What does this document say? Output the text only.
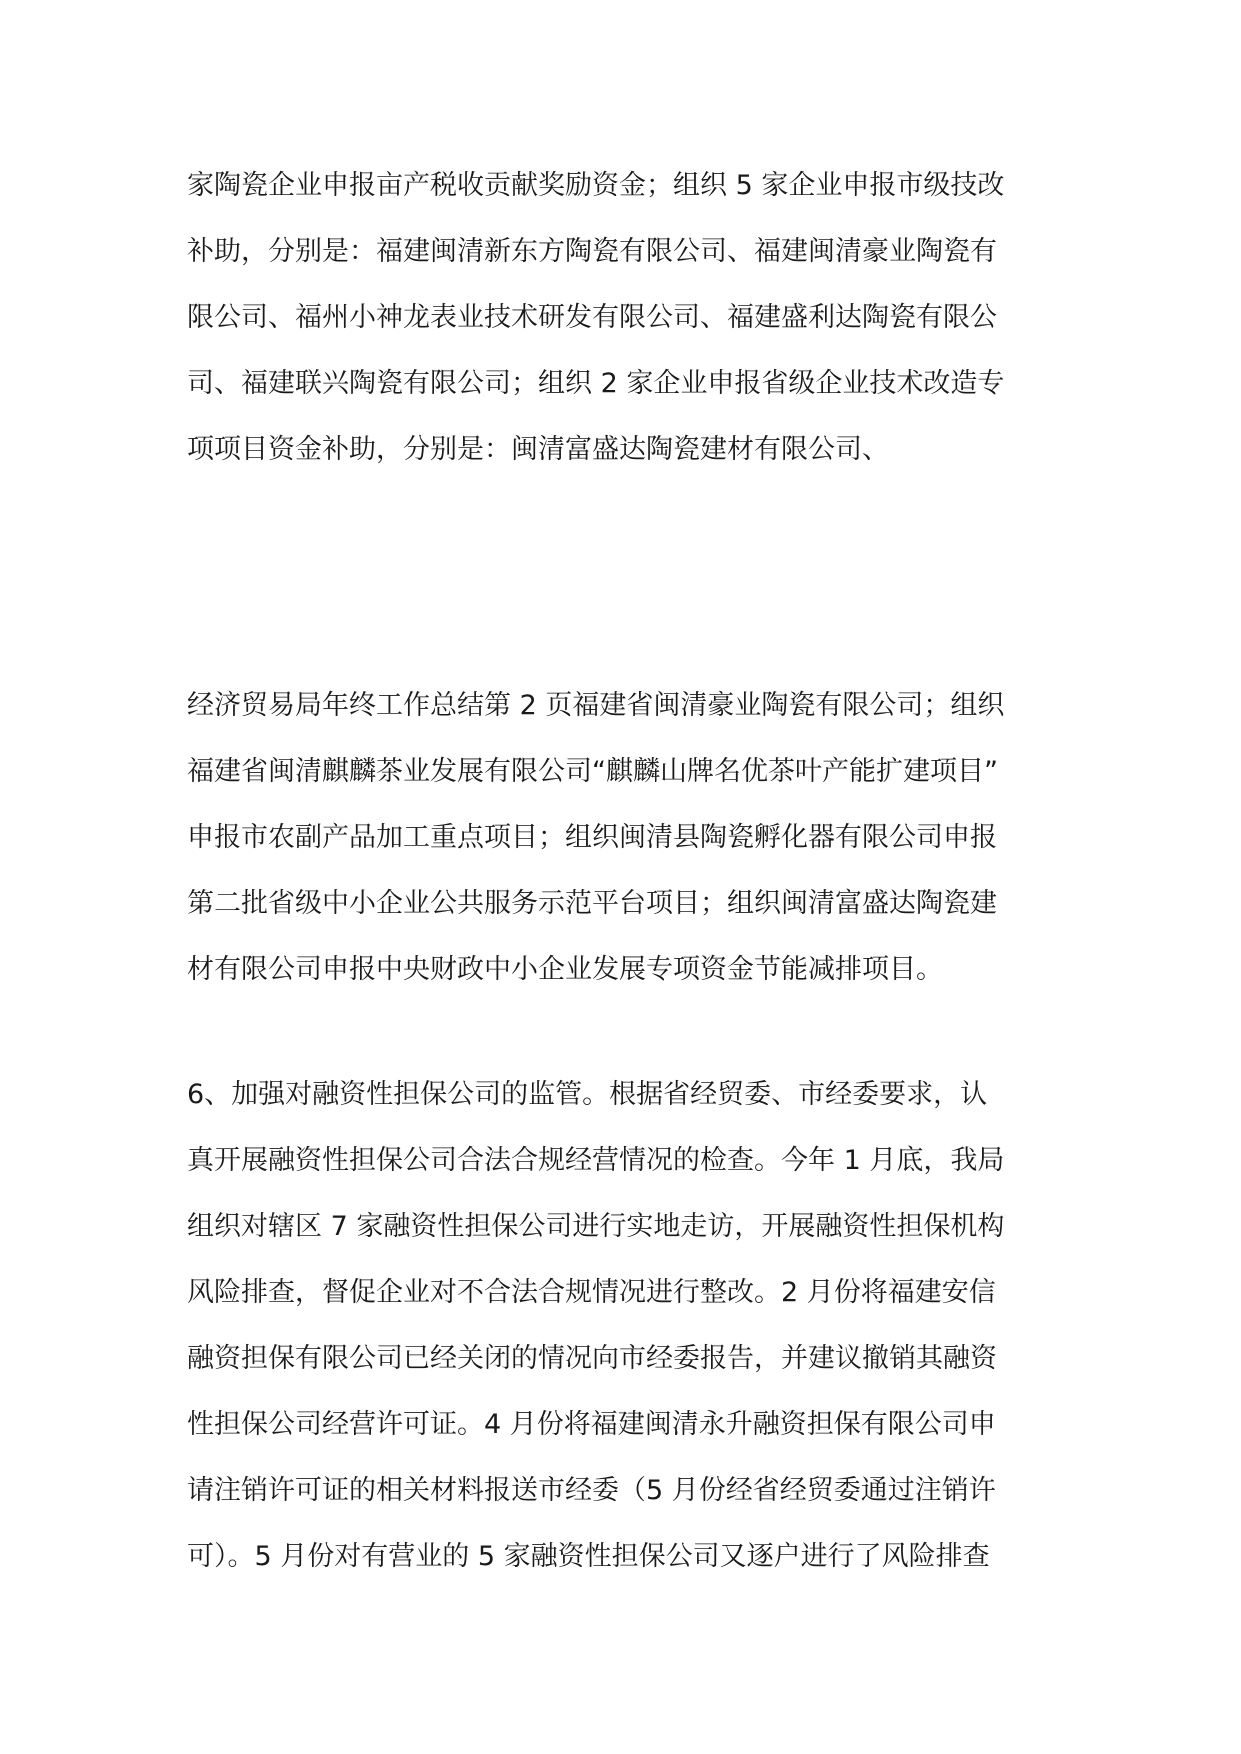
家陶瓷企业申报亩产税收贡献奖励资金；组织 5 家企业申报市级技改
补助，分别是：福建闽清新东方陶瓷有限公司、福建闽清豪业陶瓷有
限公司、福州小神龙表业技术研发有限公司、福建盛利达陶瓷有限公
司、福建联兴陶瓷有限公司；组织 2 家企业申报省级企业技术改造专
项项目资金补助，分别是：闽清富盛达陶瓷建材有限公司、
经济贸易局年终工作总结第 2 页福建省闽清豪业陶瓷有限公司；组织
福建省闽清麒麟茶业发展有限公司“麒麟山牌名优茶叶产能扩建项目”
申报市农副产品加工重点项目；组织闽清县陶瓷孵化器有限公司申报
第二批省级中小企业公共服务示范平台项目；组织闽清富盛达陶瓷建
材有限公司申报中央财政中小企业发展专项资金节能减排项目。
6、加强对融资性担保公司的监管。根据省经贸委、市经委要求，认
真开展融资性担保公司合法合规经营情况的检查。今年 1 月底，我局
组织对辖区 7 家融资性担保公司进行实地走访，开展融资性担保机构
风险排查，督促企业对不合法合规情况进行整改。2 月份将福建安信
融资担保有限公司已经关闭的情况向市经委报告，并建议撤销其融资
性担保公司经营许可证。4 月份将福建闽清永升融资担保有限公司申
请注销许可证的相关材料报送市经委（5 月份经省经贸委通过注销许
可）。5 月份对有营业的 5 家融资性担保公司又逐户进行了风险排查
